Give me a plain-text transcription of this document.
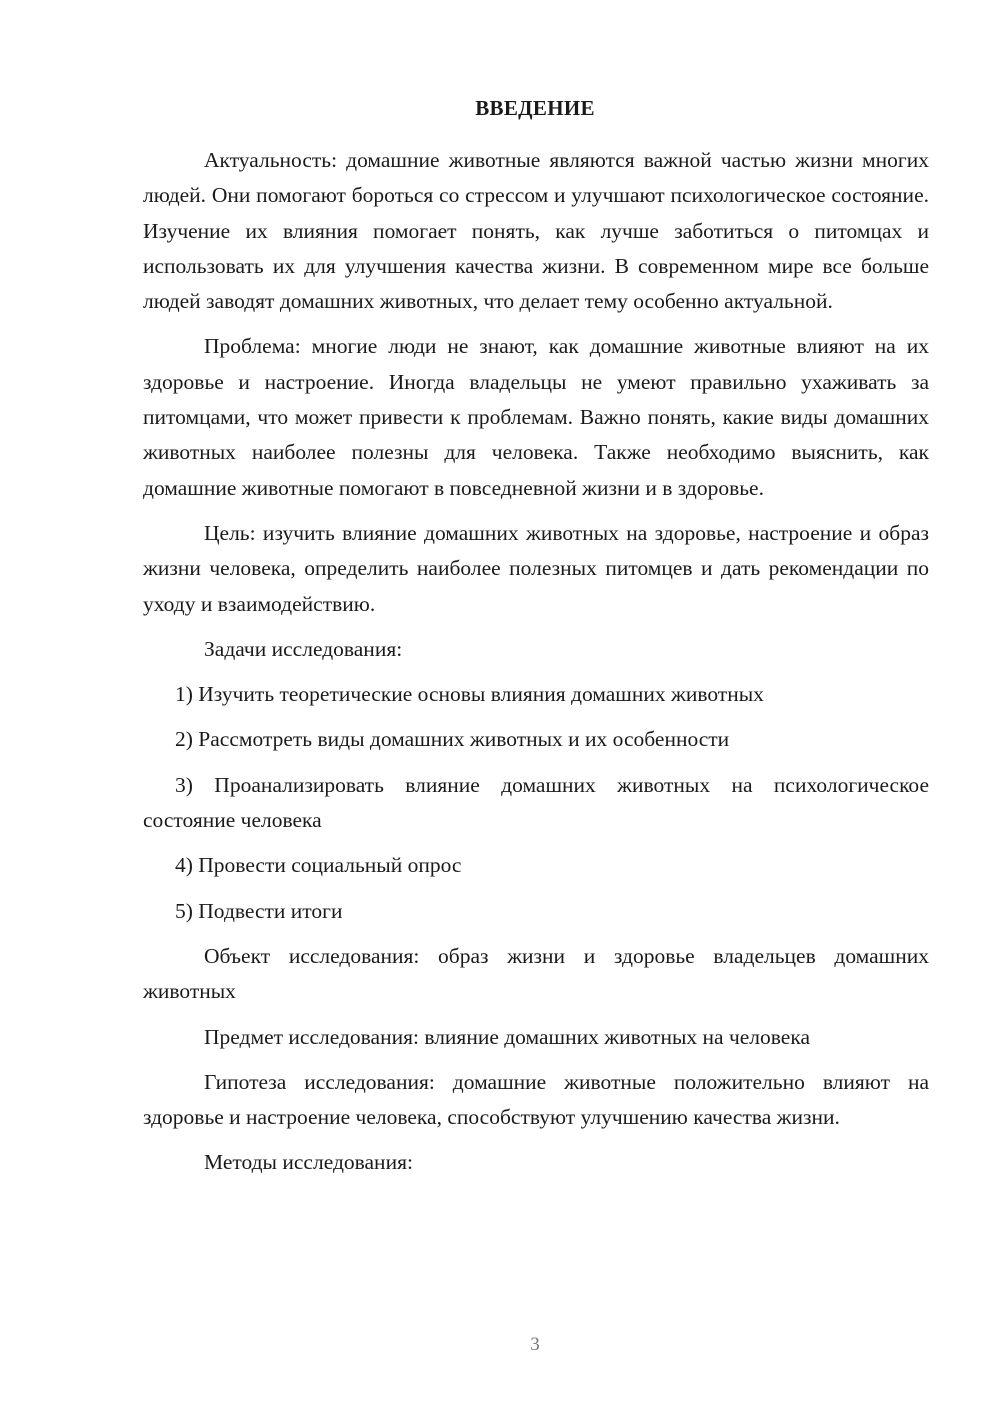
ВВЕДЕНИЕ

Актуальность: домашние животные являются важной частью жизни многих людей. Они помогают бороться со стрессом и улучшают психологическое состояние. Изучение их влияния помогает понять, как лучше заботиться о питомцах и использовать их для улучшения качества жизни. В современном мире все больше людей заводят домашних животных, что делает тему особенно актуальной.

Проблема: многие люди не знают, как домашние животные влияют на их здоровье и настроение. Иногда владельцы не умеют правильно ухаживать за питомцами, что может привести к проблемам. Важно понять, какие виды домашних животных наиболее полезны для человека. Также необходимо выяснить, как домашние животные помогают в повседневной жизни и в здоровье.

Цель: изучить влияние домашних животных на здоровье, настроение и образ жизни человека, определить наиболее полезных питомцев и дать рекомендации по уходу и взаимодействию.

Задачи исследования:

1) Изучить теоретические основы влияния домашних животных

2) Рассмотреть виды домашних животных и их особенности

3) Проанализировать влияние домашних животных на психологическое состояние человека

4) Провести социальный опрос

5) Подвести итоги

Объект исследования: образ жизни и здоровье владельцев домашних животных

Предмет исследования: влияние домашних животных на человека

Гипотеза исследования: домашние животные положительно влияют на здоровье и настроение человека, способствуют улучшению качества жизни.

Методы исследования:

3
